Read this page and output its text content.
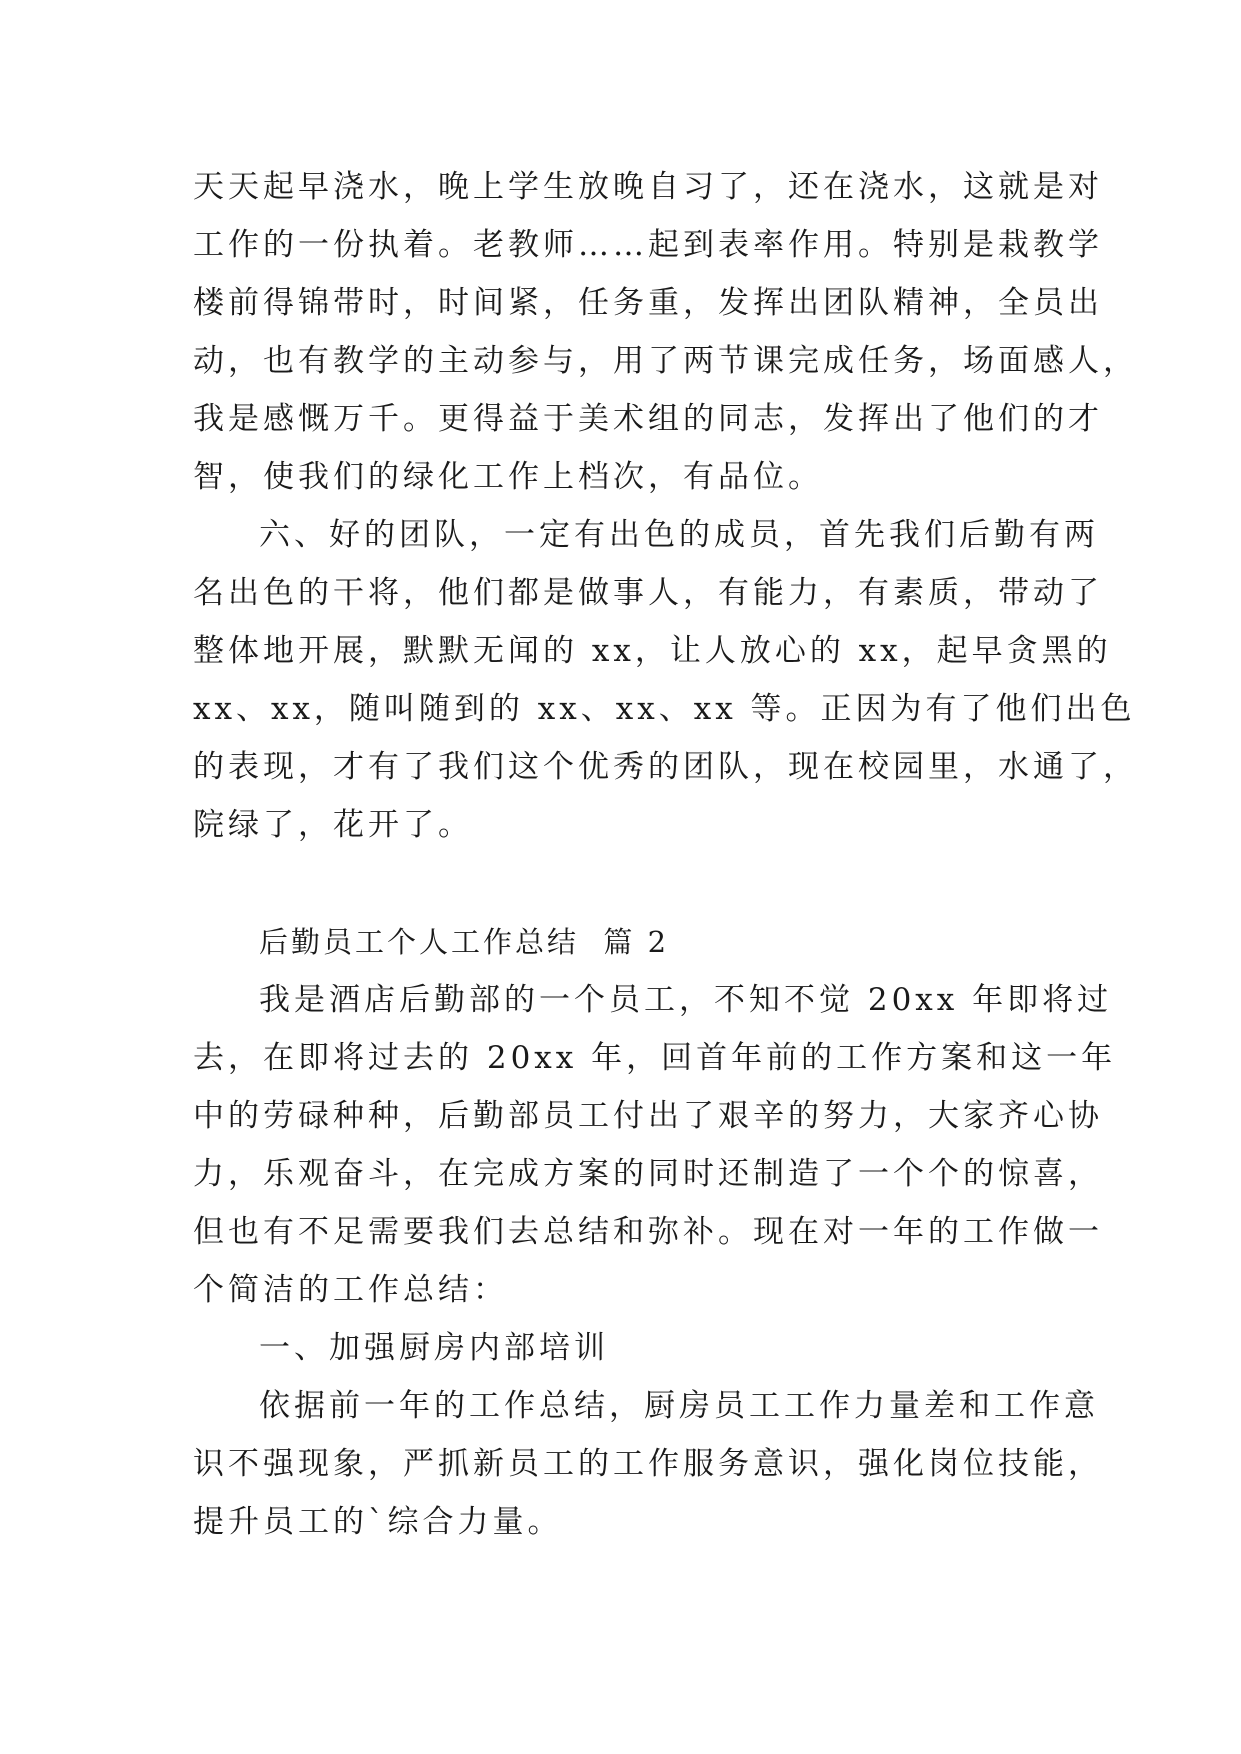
天天起早浇水，晚上学生放晚自习了，还在浇水，这就是对
工作的一份执着。老教师……起到表率作用。特别是栽教学
楼前得锦带时，时间紧，任务重，发挥出团队精神，全员出
动，也有教学的主动参与，用了两节课完成任务，场面感人，
我是感慨万千。更得益于美术组的同志，发挥出了他们的才
智，使我们的绿化工作上档次，有品位。
六、好的团队，一定有出色的成员，首先我们后勤有两
名出色的干将，他们都是做事人，有能力，有素质，带动了
整体地开展，默默无闻的 xx，让人放心的 xx，起早贪黑的
xx、xx，随叫随到的 xx、xx、xx 等。正因为有了他们出色
的表现，才有了我们这个优秀的团队，现在校园里，水通了，
院绿了，花开了。
后勤员工个人工作总结  篇 2
我是酒店后勤部的一个员工，不知不觉 20xx 年即将过
去，在即将过去的 20xx 年，回首年前的工作方案和这一年
中的劳碌种种，后勤部员工付出了艰辛的努力，大家齐心协
力，乐观奋斗，在完成方案的同时还制造了一个个的惊喜，
但也有不足需要我们去总结和弥补。现在对一年的工作做一
个简洁的工作总结：
一、加强厨房内部培训
依据前一年的工作总结，厨房员工工作力量差和工作意
识不强现象，严抓新员工的工作服务意识，强化岗位技能，
提升员工的`综合力量。
